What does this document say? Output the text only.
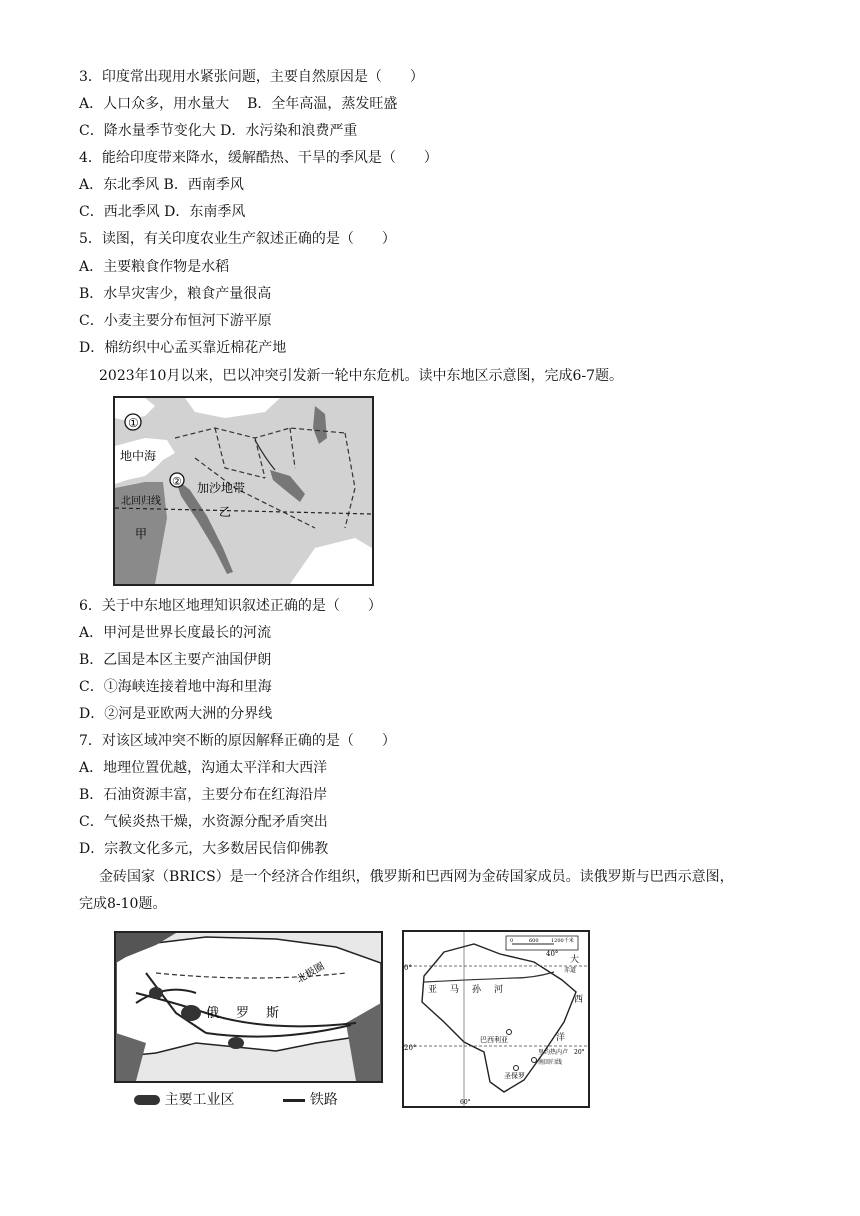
3．印度常出现用水紧张问题，主要自然原因是（　　）
A．人口众多，用水量大 B．全年高温，蒸发旺盛
C．降水量季节变化大 D．水污染和浪费严重
4．能给印度带来降水，缓解酷热、干旱的季风是（　　）
A．东北季风 B．西南季风
C．西北季风 D．东南季风
5．读图，有关印度农业生产叙述正确的是（　　）
A．主要粮食作物是水稻
B．水旱灾害少，粮食产量很高
C．小麦主要分布恒河下游平原
D．棉纺织中心孟买靠近棉花产地
2023年10月以来，巴以冲突引发新一轮中东危机。读中东地区示意图，完成6-7题。
①
②
地中海
加沙地带
北回归线
乙
甲
6．关于中东地区地理知识叙述正确的是（　　）
A．甲河是世界长度最长的河流
B．乙国是本区主要产油国伊朗
C．①海峡连接着地中海和里海
D．②河是亚欧两大洲的分界线
7．对该区域冲突不断的原因解释正确的是（　　）
A．地理位置优越，沟通太平洋和大西洋
B．石油资源丰富，主要分布在红海沿岸
C．气候炎热干燥，水资源分配矛盾突出
D．宗教文化多元，大多数居民信仰佛教
金砖国家（BRICS）是一个经济合作组织，俄罗斯和巴西网为金砖国家成员。读俄罗斯与巴西示意图，
完成8-10题。
俄 罗 斯
北极圈
主要工业区	铁路
0	600 1200千米
40°
0°
大
赤道
亚 马 孙 河
西
洋
巴西利亚
里约热内卢
20°
南回归线
20°
圣保罗
60°
